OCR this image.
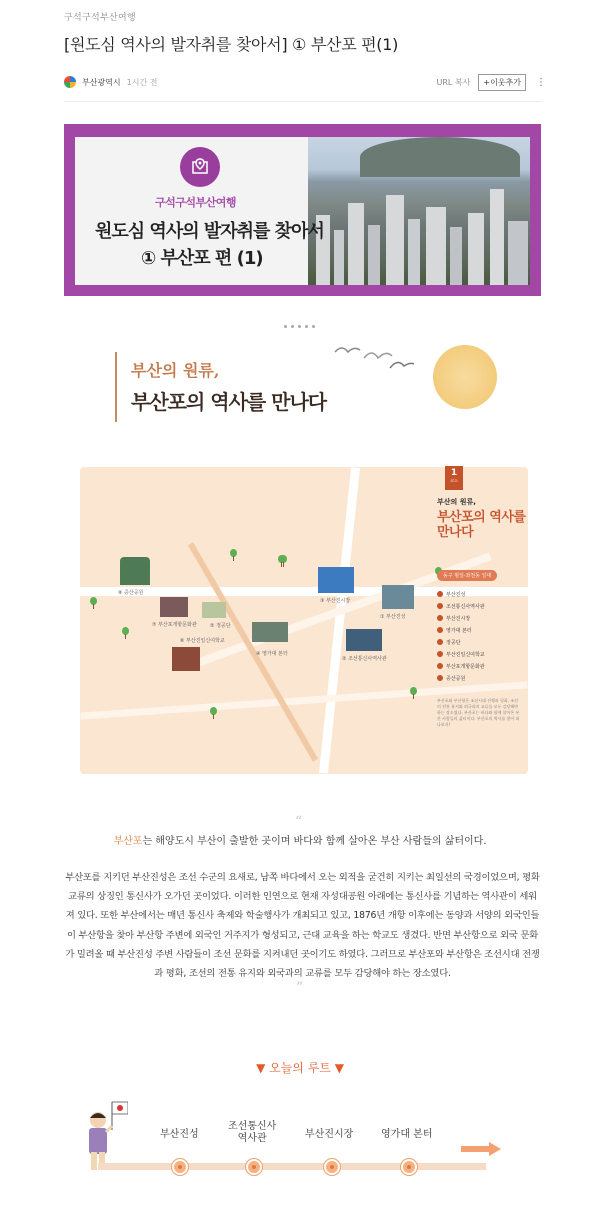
구석구석부산여행
[원도심 역사의 발자취를 찾아서] ① 부산포 편(1)
부산광역시 1시간 전	URL 복사	+이웃추가	⋮
구석구석부산여행
원도심 역사의 발자취를 찾아서
① 부산포 편 (1)
부산의 원류,
부산포의 역사를 만나다
⑧ 증산공원
⑦ 부산포개항문화관	⑤ 정공단
⑥ 부산진일신여학교
④ 영가대 본터
③ 부산진시장
① 부산진성
② 조선통신사역사관
1
코스
부산의 원류,
부산포의 역사를 만나다
동구 범일·좌천동 일대
부산진성
조선통신사역사관
부산진시장
영가대 본터
정공단
부산진일신여학교
부산포개항문화관
증산공원
부산포와 부산항은 조선시대 전쟁과 평화, 조선의 전통 유지와 외국과의 교류를 모두 감당해야 하는 장소였다. 부산포는 바다와 함께 살아온 부산 사람들의 삶터이다. 부산포의 역사를 찾아 떠나보자!
“
부산포는 해양도시 부산이 출발한 곳이며 바다와 함께 살아온 부산 사람들의 삶터이다.

부산포를 지키던 부산진성은 조선 수군의 요새로, 남쪽 바다에서 오는 외적을 굳건히 지키는 최일선의 국경이었으며, 평화 교류의 상징인 통신사가 오가던 곳이었다. 이러한 인연으로 현재 자성대공원 아래에는 통신사를 기념하는 역사관이 세워져 있다. 또한 부산에서는 매년 통신사 축제와 학술행사가 개최되고 있고, 1876년 개항 이후에는 동양과 서양의 외국인들이 부산항을 찾아 부산항 주변에 외국인 거주지가 형성되고, 근대 교육을 하는 학교도 생겼다. 반면 부산항으로 외국 문화가 밀려올 때 부산진성 주변 사람들이 조선 문화를 지켜내던 곳이기도 하였다. 그러므로 부산포와 부산항은 조선시대 전쟁과 평화, 조선의 전통 유지와 외국과의 교류를 모두 감당해야 하는 장소였다.

”
▼ 오늘의 루트 ▼
부산진성
조선통신사
역사관	부산진시장	영가대 본터
